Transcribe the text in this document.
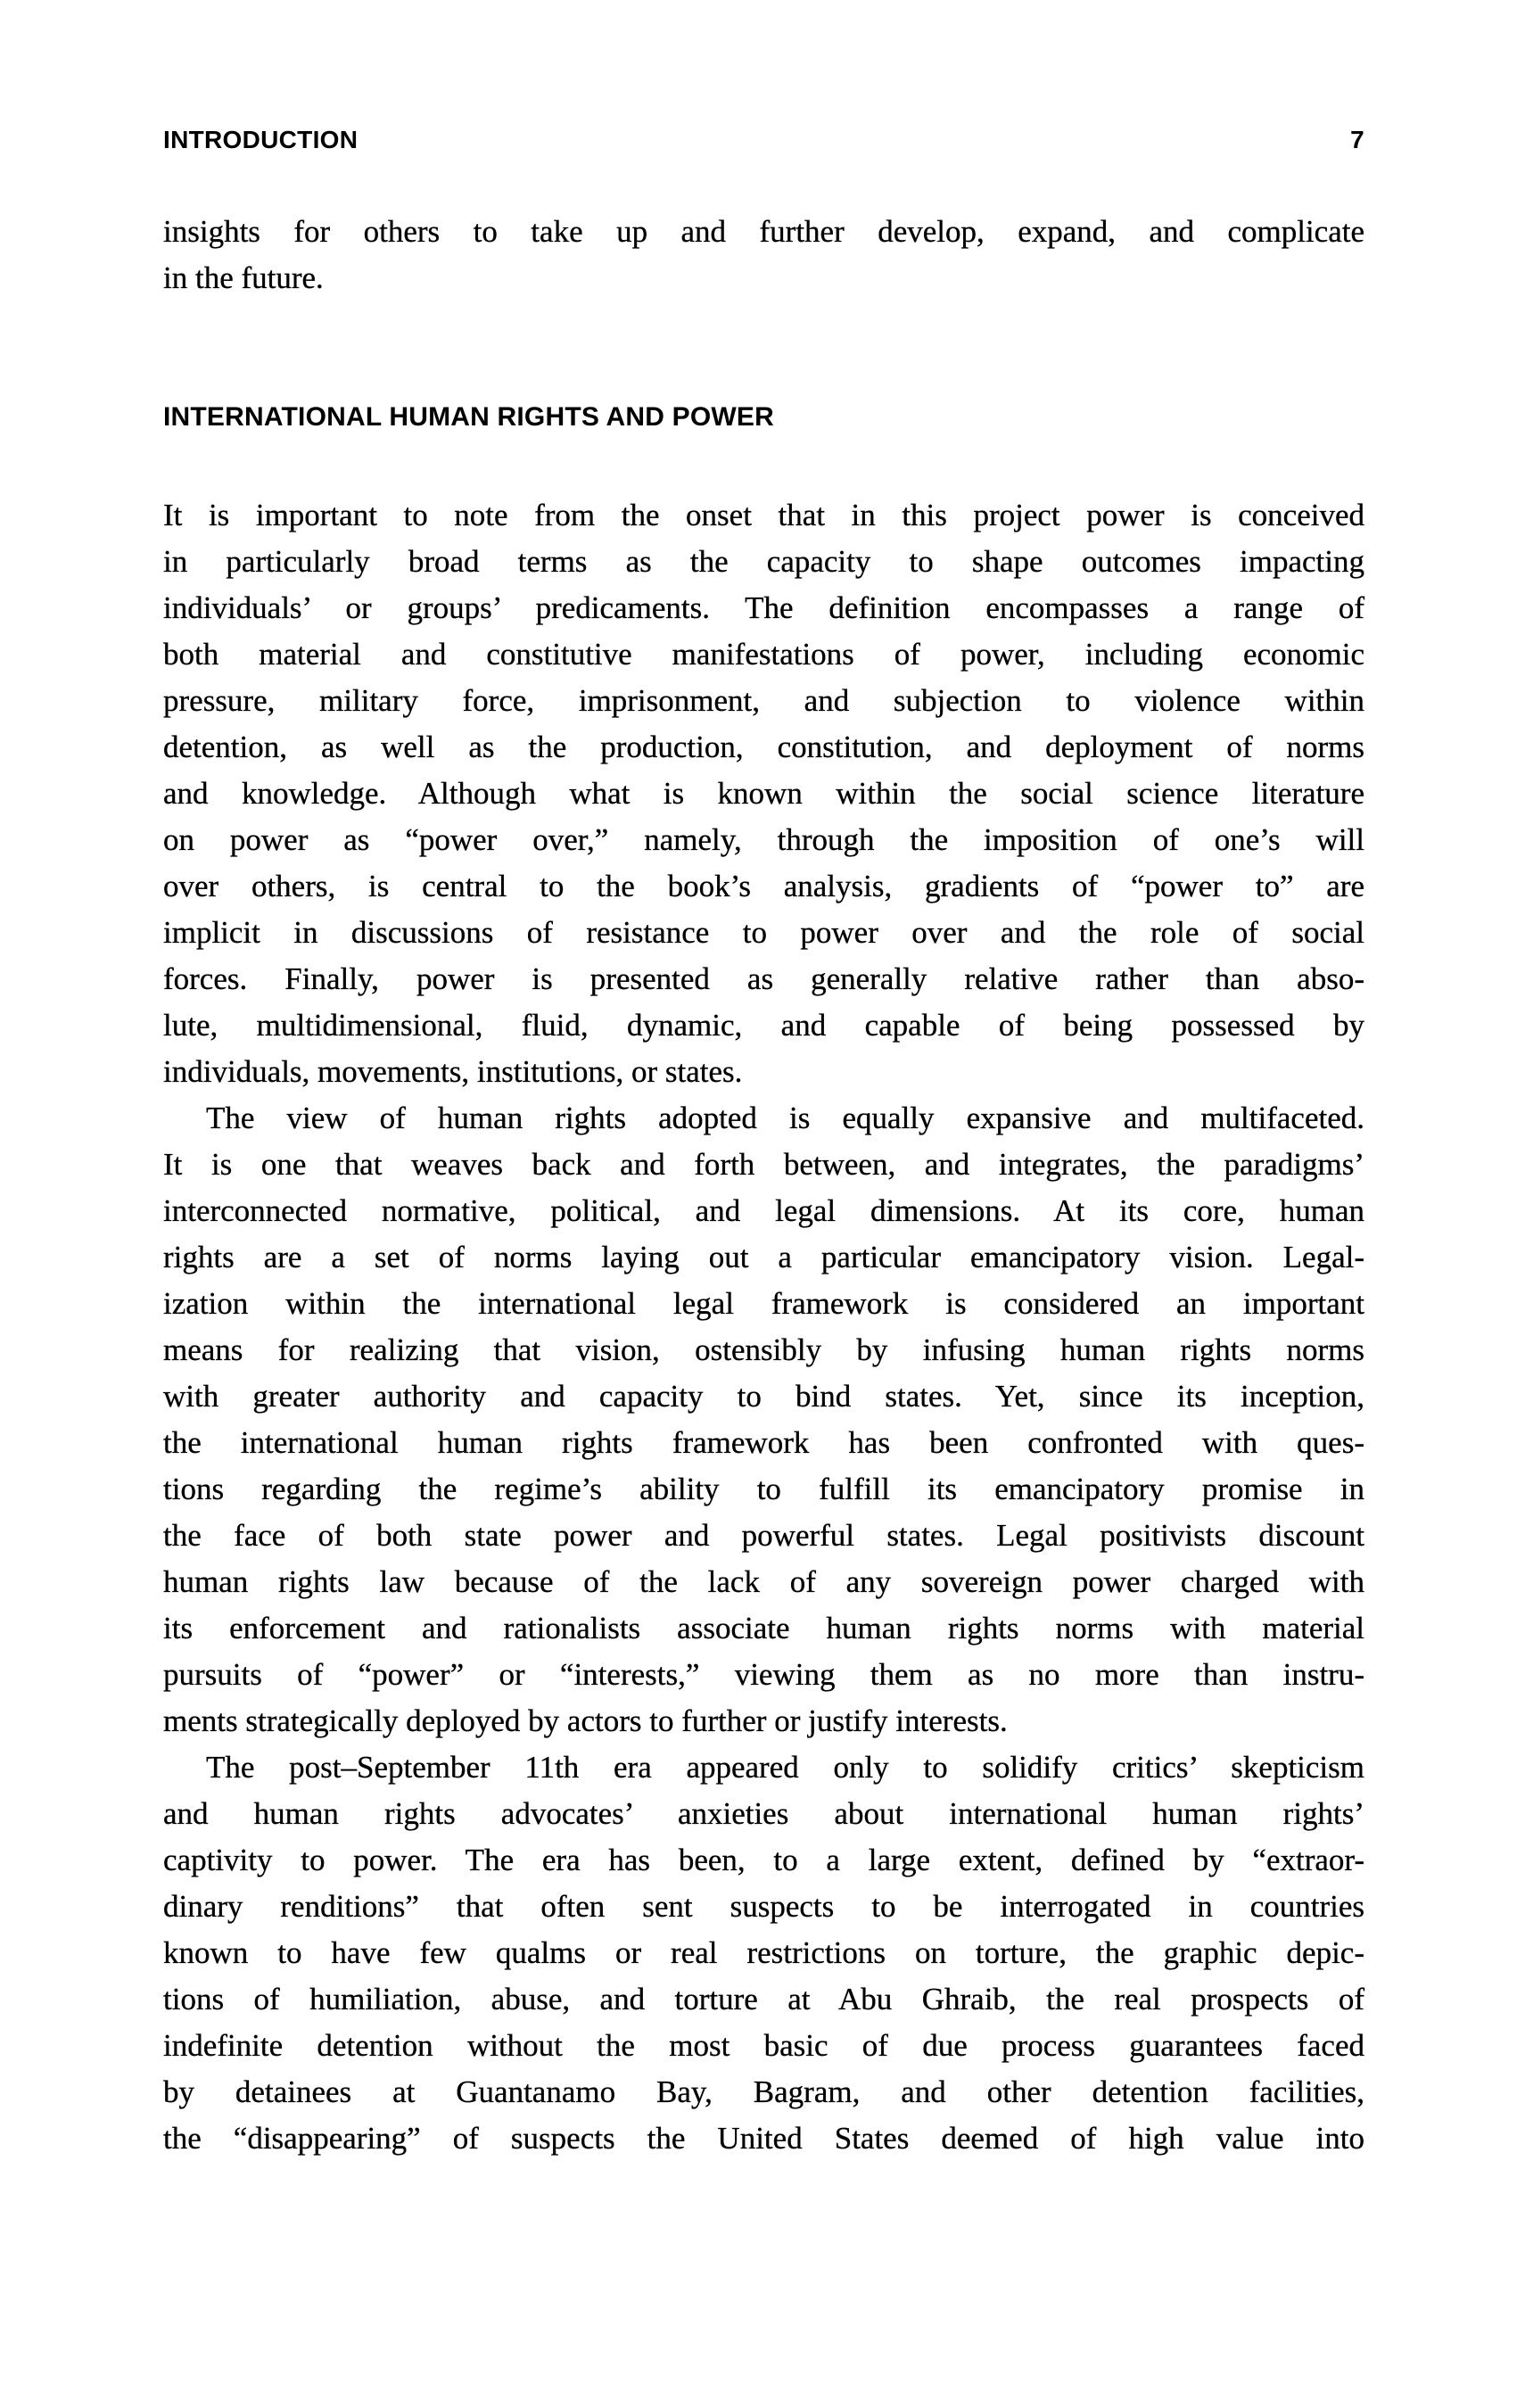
INTRODUCTION	7
insights for others to take up and further develop, expand, and complicate
in the future.
INTERNATIONAL HUMAN RIGHTS AND POWER
It is important to note from the onset that in this project power is conceived
in particularly broad terms as the capacity to shape outcomes impacting
individuals’ or groups’ predicaments. The definition encompasses a range of
both material and constitutive manifestations of power, including economic
pressure, military force, imprisonment, and subjection to violence within
detention, as well as the production, constitution, and deployment of norms
and knowledge. Although what is known within the social science literature
on power as “power over,” namely, through the imposition of one’s will
over others, is central to the book’s analysis, gradients of “power to” are
implicit in discussions of resistance to power over and the role of social
forces. Finally, power is presented as generally relative rather than abso-
lute, multidimensional, fluid, dynamic, and capable of being possessed by
individuals, movements, institutions, or states.
The view of human rights adopted is equally expansive and multifaceted.
It is one that weaves back and forth between, and integrates, the paradigms’
interconnected normative, political, and legal dimensions. At its core, human
rights are a set of norms laying out a particular emancipatory vision. Legal-
ization within the international legal framework is considered an important
means for realizing that vision, ostensibly by infusing human rights norms
with greater authority and capacity to bind states. Yet, since its inception,
the international human rights framework has been confronted with ques-
tions regarding the regime’s ability to fulfill its emancipatory promise in
the face of both state power and powerful states. Legal positivists discount
human rights law because of the lack of any sovereign power charged with
its enforcement and rationalists associate human rights norms with material
pursuits of “power” or “interests,” viewing them as no more than instru-
ments strategically deployed by actors to further or justify interests.
The post–September 11th era appeared only to solidify critics’ skepticism
and human rights advocates’ anxieties about international human rights’
captivity to power. The era has been, to a large extent, defined by “extraor-
dinary renditions” that often sent suspects to be interrogated in countries
known to have few qualms or real restrictions on torture, the graphic depic-
tions of humiliation, abuse, and torture at Abu Ghraib, the real prospects of
indefinite detention without the most basic of due process guarantees faced
by detainees at Guantanamo Bay, Bagram, and other detention facilities,
the “disappearing” of suspects the United States deemed of high value into
